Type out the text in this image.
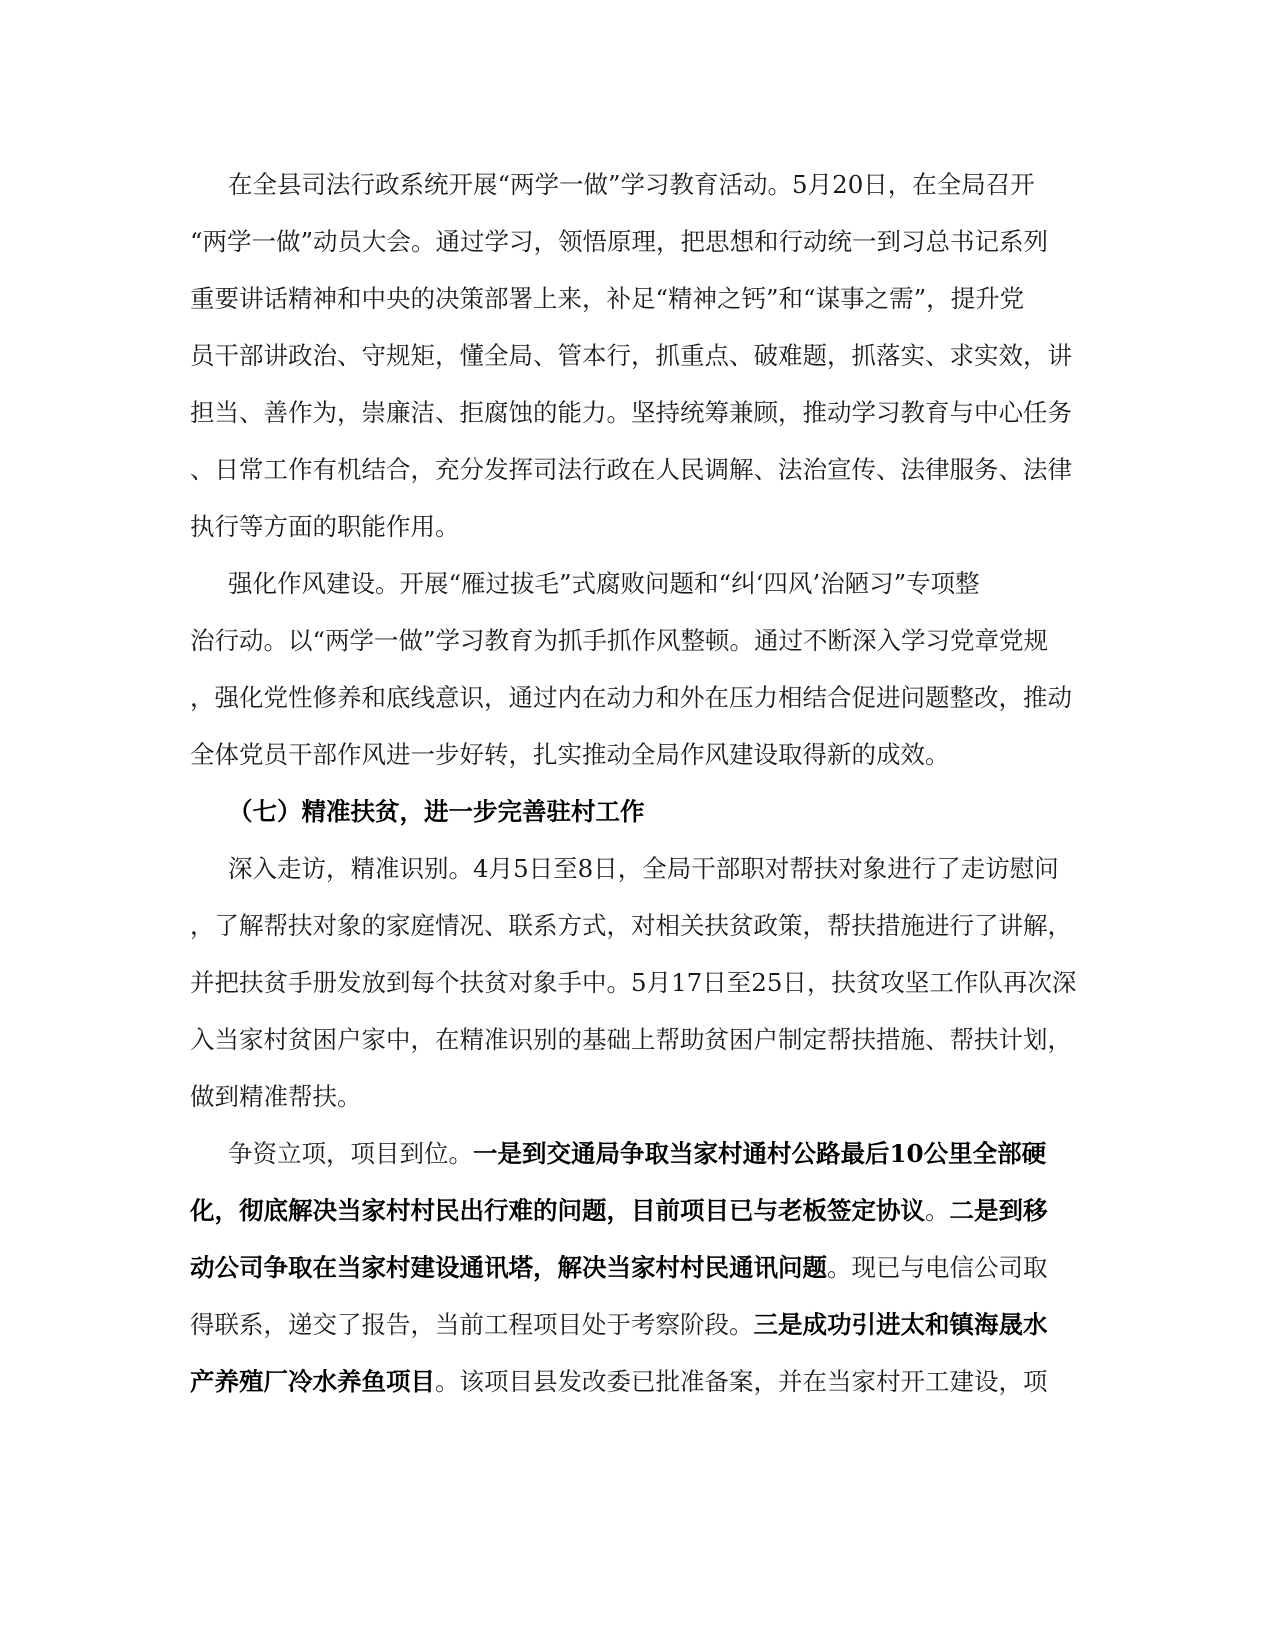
在全县司法行政系统开展“两学一做”学习教育活动。5月20日，在全局召开
“两学一做”动员大会。通过学习，领悟原理，把思想和行动统一到习总书记系列
重要讲话精神和中央的决策部署上来，补足“精神之钙”和“谋事之需”，提升党
员干部讲政治、守规矩，懂全局、管本行，抓重点、破难题，抓落实、求实效，讲
担当、善作为，崇廉洁、拒腐蚀的能力。坚持统筹兼顾，推动学习教育与中心任务
、日常工作有机结合，充分发挥司法行政在人民调解、法治宣传、法律服务、法律
执行等方面的职能作用。
强化作风建设。开展“雁过拔毛”式腐败问题和“纠‘四风’治陋习”专项整
治行动。以“两学一做”学习教育为抓手抓作风整顿。通过不断深入学习党章党规
，强化党性修养和底线意识，通过内在动力和外在压力相结合促进问题整改，推动
全体党员干部作风进一步好转，扎实推动全局作风建设取得新的成效。
（七）精准扶贫，进一步完善驻村工作
深入走访，精准识别。4月5日至8日，全局干部职对帮扶对象进行了走访慰问
，了解帮扶对象的家庭情况、联系方式，对相关扶贫政策，帮扶措施进行了讲解，
并把扶贫手册发放到每个扶贫对象手中。5月17日至25日，扶贫攻坚工作队再次深
入当家村贫困户家中，在精准识别的基础上帮助贫困户制定帮扶措施、帮扶计划，
做到精准帮扶。
争资立项，项目到位。一是到交通局争取当家村通村公路最后10公里全部硬
化，彻底解决当家村村民出行难的问题，目前项目已与老板签定协议。二是到移
动公司争取在当家村建设通讯塔，解决当家村村民通讯问题。现已与电信公司取
得联系，递交了报告，当前工程项目处于考察阶段。三是成功引进太和镇海晟水
产养殖厂冷水养鱼项目。该项目县发改委已批准备案，并在当家村开工建设，项
